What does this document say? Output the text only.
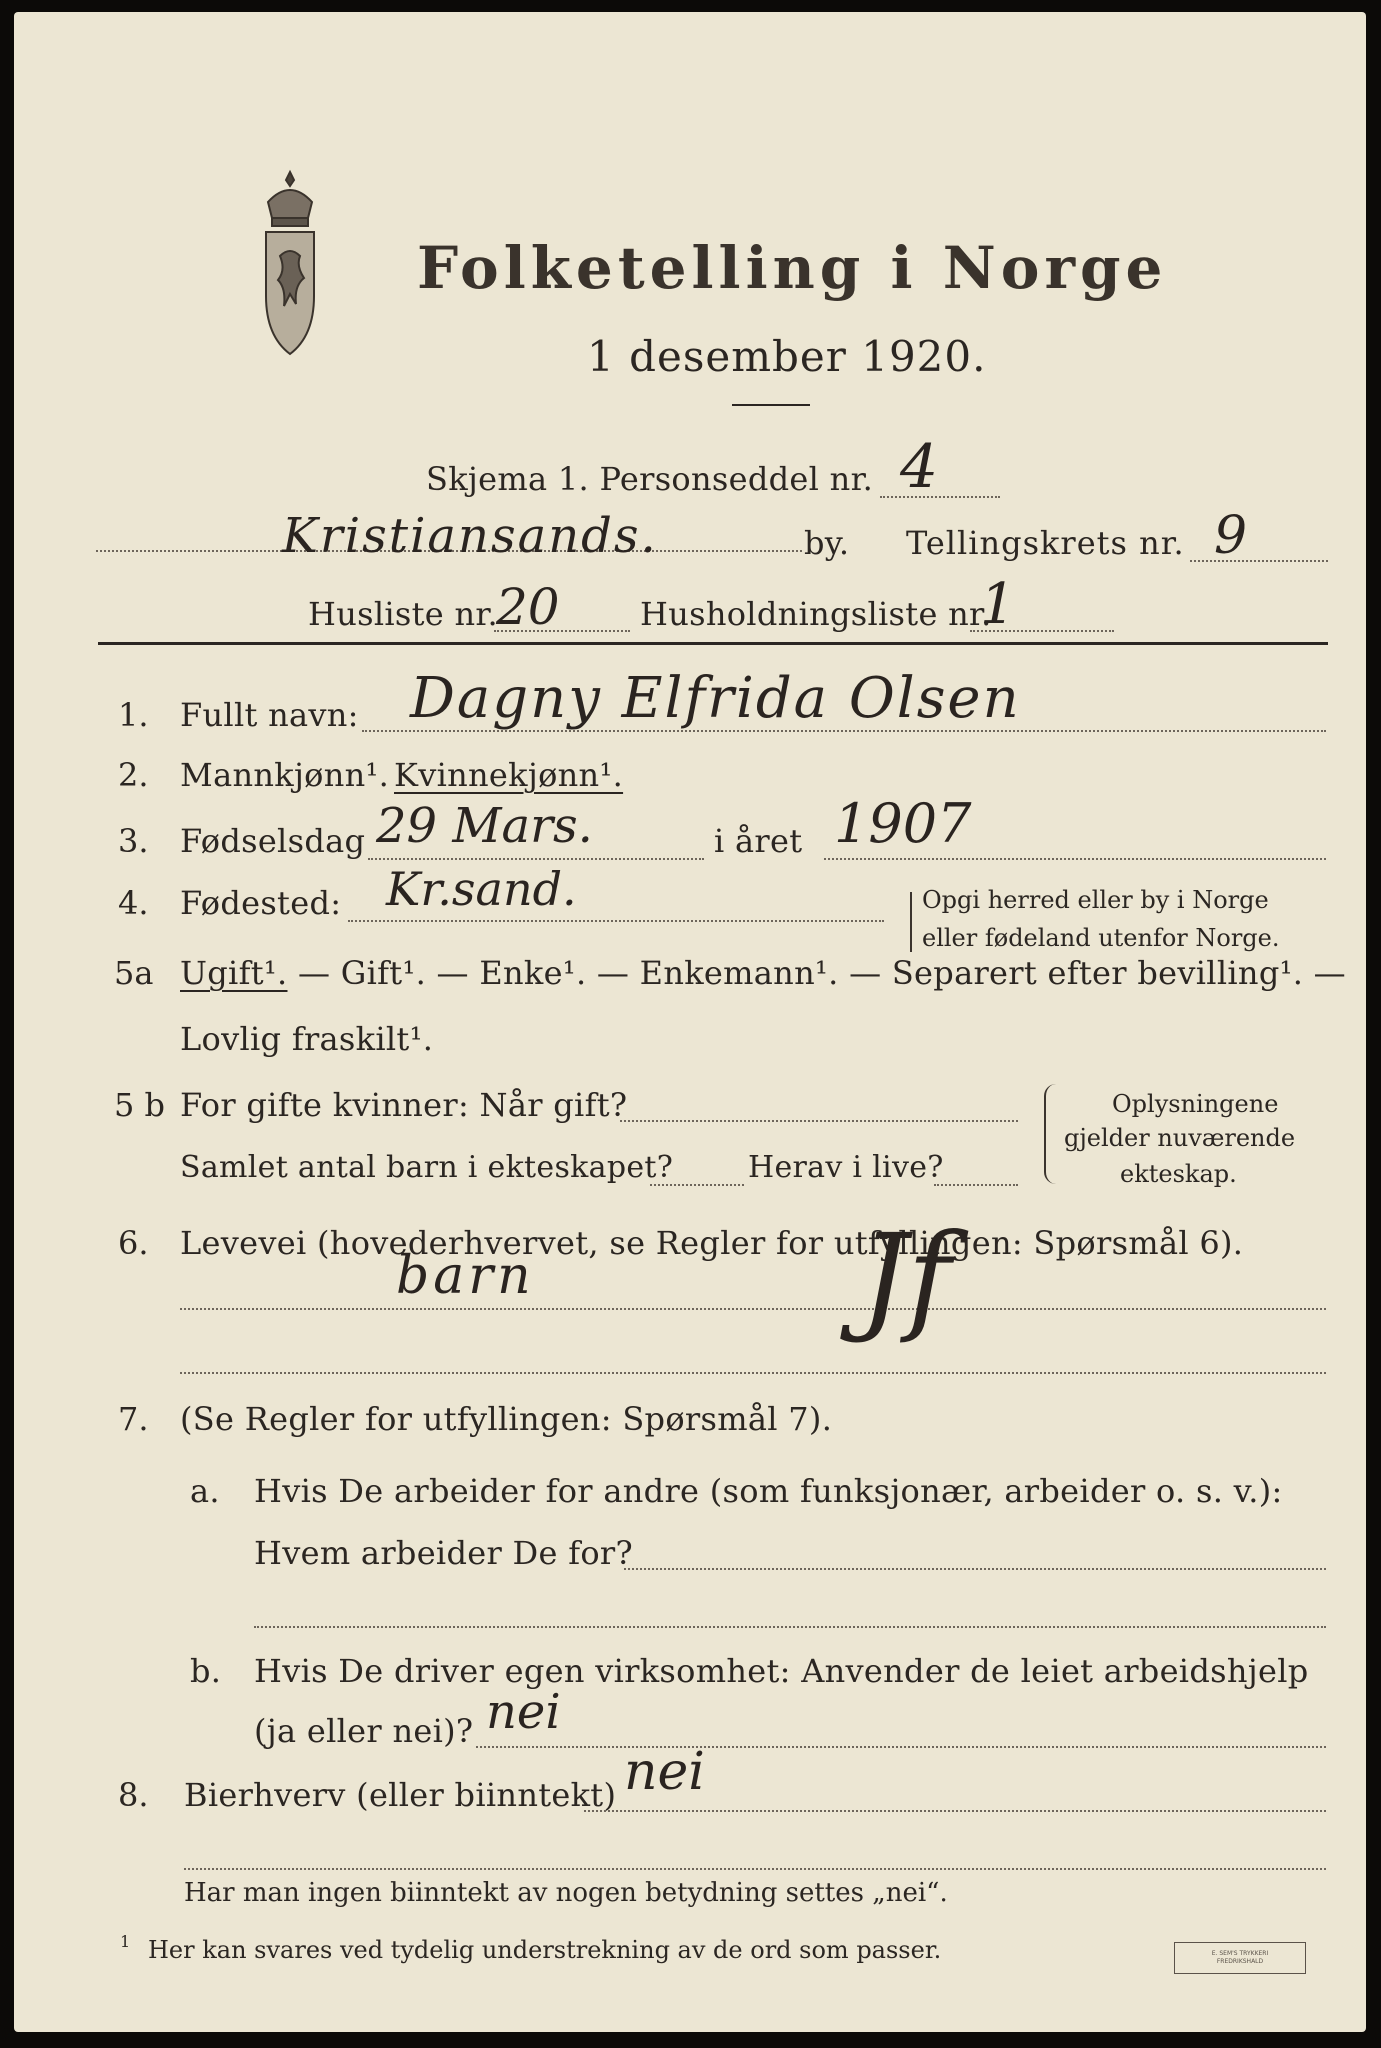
Folketelling i Norge
1 desember 1920.
Skjema 1. Personseddel nr. 4
Kristiansands.	by. Tellingskrets nr. 9
Husliste nr.
20	Husholdningsliste nr.
1
1. Fullt navn: Dagny Elfrida Olsen
2. Mannkjønn¹. Kvinnekjønn¹.
3. Fødselsdag 29 Mars.	i året 1907
4. Fødested: Kr.sand.	Opgi herred eller by i Norge
eller fødeland utenfor Norge.
5a Ugift¹. — Gift¹. — Enke¹. — Enkemann¹. — Separert efter bevilling¹. —
Lovlig fraskilt¹.
5 b For gifte kvinner: Når gift?
Samlet antal barn i ekteskapet? Herav i live?
Oplysningene
gjelder nuværende
ekteskap.
6. Levevei (hovederhvervet, se Regler for utfyllingen: Spørsmål 6).
barn	Jf
7. (Se Regler for utfyllingen: Spørsmål 7).
a. Hvis De arbeider for andre (som funksjonær, arbeider o. s. v.):
Hvem arbeider De for?
b. Hvis De driver egen virksomhet: Anvender de leiet arbeidshjelp
(ja eller nei)? nei
8. Bierhverv (eller biinntekt) nei
Har man ingen biinntekt av nogen betydning settes „nei“.
1 Her kan svares ved tydelig understrekning av de ord som passer.	E. SEM'S TRYKKERI
FREDRIKSHALD
